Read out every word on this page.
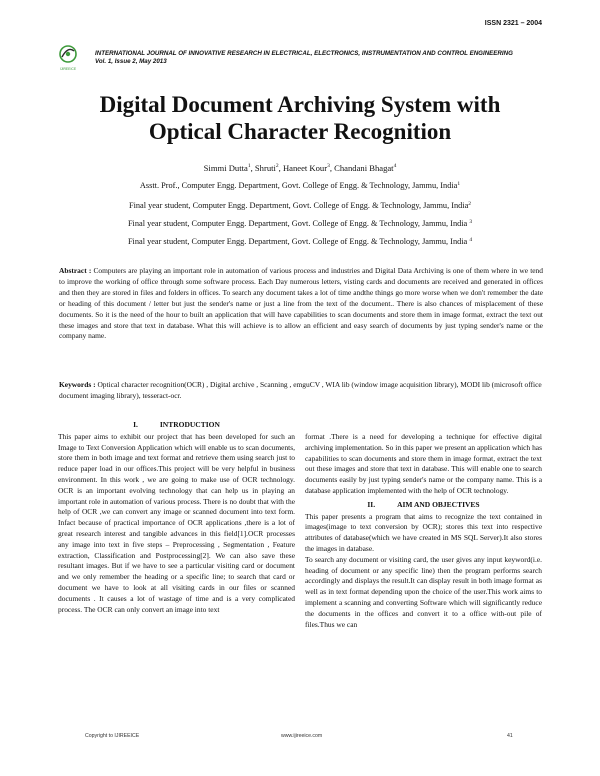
ISSN 2321 – 2004
IJIREEICE
INTERNATIONAL JOURNAL OF INNOVATIVE RESEARCH IN ELECTRICAL, ELECTRONICS, INSTRUMENTATION AND CONTROL ENGINEERING
Vol. 1, Issue 2, May 2013
Digital Document Archiving System with
Optical Character Recognition
Simmi Dutta$^1$, Shruti$^2$, Haneet Kour$^3$, Chandani Bhagat$^4$
Asstt. Prof., Computer Engg. Department, Govt. College of Engg. & Technology, Jammu, India$^1$
Final year student, Computer Engg. Department, Govt. College of Engg. & Technology, Jammu, India$^2$
Final year student, Computer Engg. Department, Govt. College of Engg. & Technology, Jammu, India $^3$
Final year student, Computer Engg. Department, Govt. College of Engg. & Technology, Jammu, India $^4$
Abstract : Computers are playing an important role in automation of various process and industries and Digital Data Archiving is one of them where in we tend to improve the working of office through some software process. Each Day numerous letters, visting cards and documents are received and generated in offices and then they are stored in files and folders in offices. To search any document takes a lot of time andthe things go more worse when we don't remember the date or heading of this document / letter but just the sender's name or just a line from the text of the document.. There is also chances of misplacement of these documents. So it is the need of the hour to built an application that will have capabilities to scan documents and store them in image format, extract the text out these images and store that text in database. What this will achieve is to allow an efficient and easy search of documents by just typing sender's name or the company name.
Keywords : Optical character recognition(OCR) , Digital archive , Scanning , emguCV , WIA lib (window image acquisition library), MODI lib (microsoft office document imaging library), tesseract-ocr.
I.	INTRODUCTION

This paper aims to exhibit our project that has been developed for such an Image to Text Conversion Application which will enable us to scan documents, store them in both image and text format and retrieve them using search just to reduce paper load in our offices.This project will be very helpful in business environment. In this work , we are going to make use of OCR technology. OCR is an important evolving technology that can help us in playing an important role in automation of various process. There is no doubt that with the help of OCR ,we can convert any image or scanned document into text form. Infact because of practical importance of OCR applications ,there is a lot of great research interest and tangible advances in this field[1].OCR processes any image into text in five steps – Preprocessing , Segmentation , Feature extraction, Classification and Postprocessing[2]. We can also save these resultant images. But if we have to see a particular visiting card or document and we only remember the heading or a specific line; to search that card or document we have to look at all visiting cards in our files or scanned documents . It causes a lot of wastage of time and is a very complicated process. The OCR can only convert an image into text

format .There is a need for developing a technique for effective digital archiving implementation. So in this paper we present an application which has capabilities to scan documents and store them in image format, extract the text out these images and store that text in database. This will enable one to search documents easily by just typing sender's name or the company name. This is a database application implemented with the help of OCR technology.

II.	AIM AND OBJECTIVES

This paper presents a program that aims to recognize the text contained in images(image to text conversion by OCR); stores this text into respective attributes of database(which we have created in MS SQL Server).It also stores the images in database.

To search any document or visiting card, the user gives any input keyword(i.e. heading of document or any specific line) then the program performs search accordingly and displays the result.It can display result in both image format as well as in text format depending upon the choice of the user.This work aims to implement a scanning and converting Software which will significantly reduce the documents in the offices and convert it to a office with-out pile of files.Thus we can

Copyright to IJIREEICE	www.ijireeice.com	41
